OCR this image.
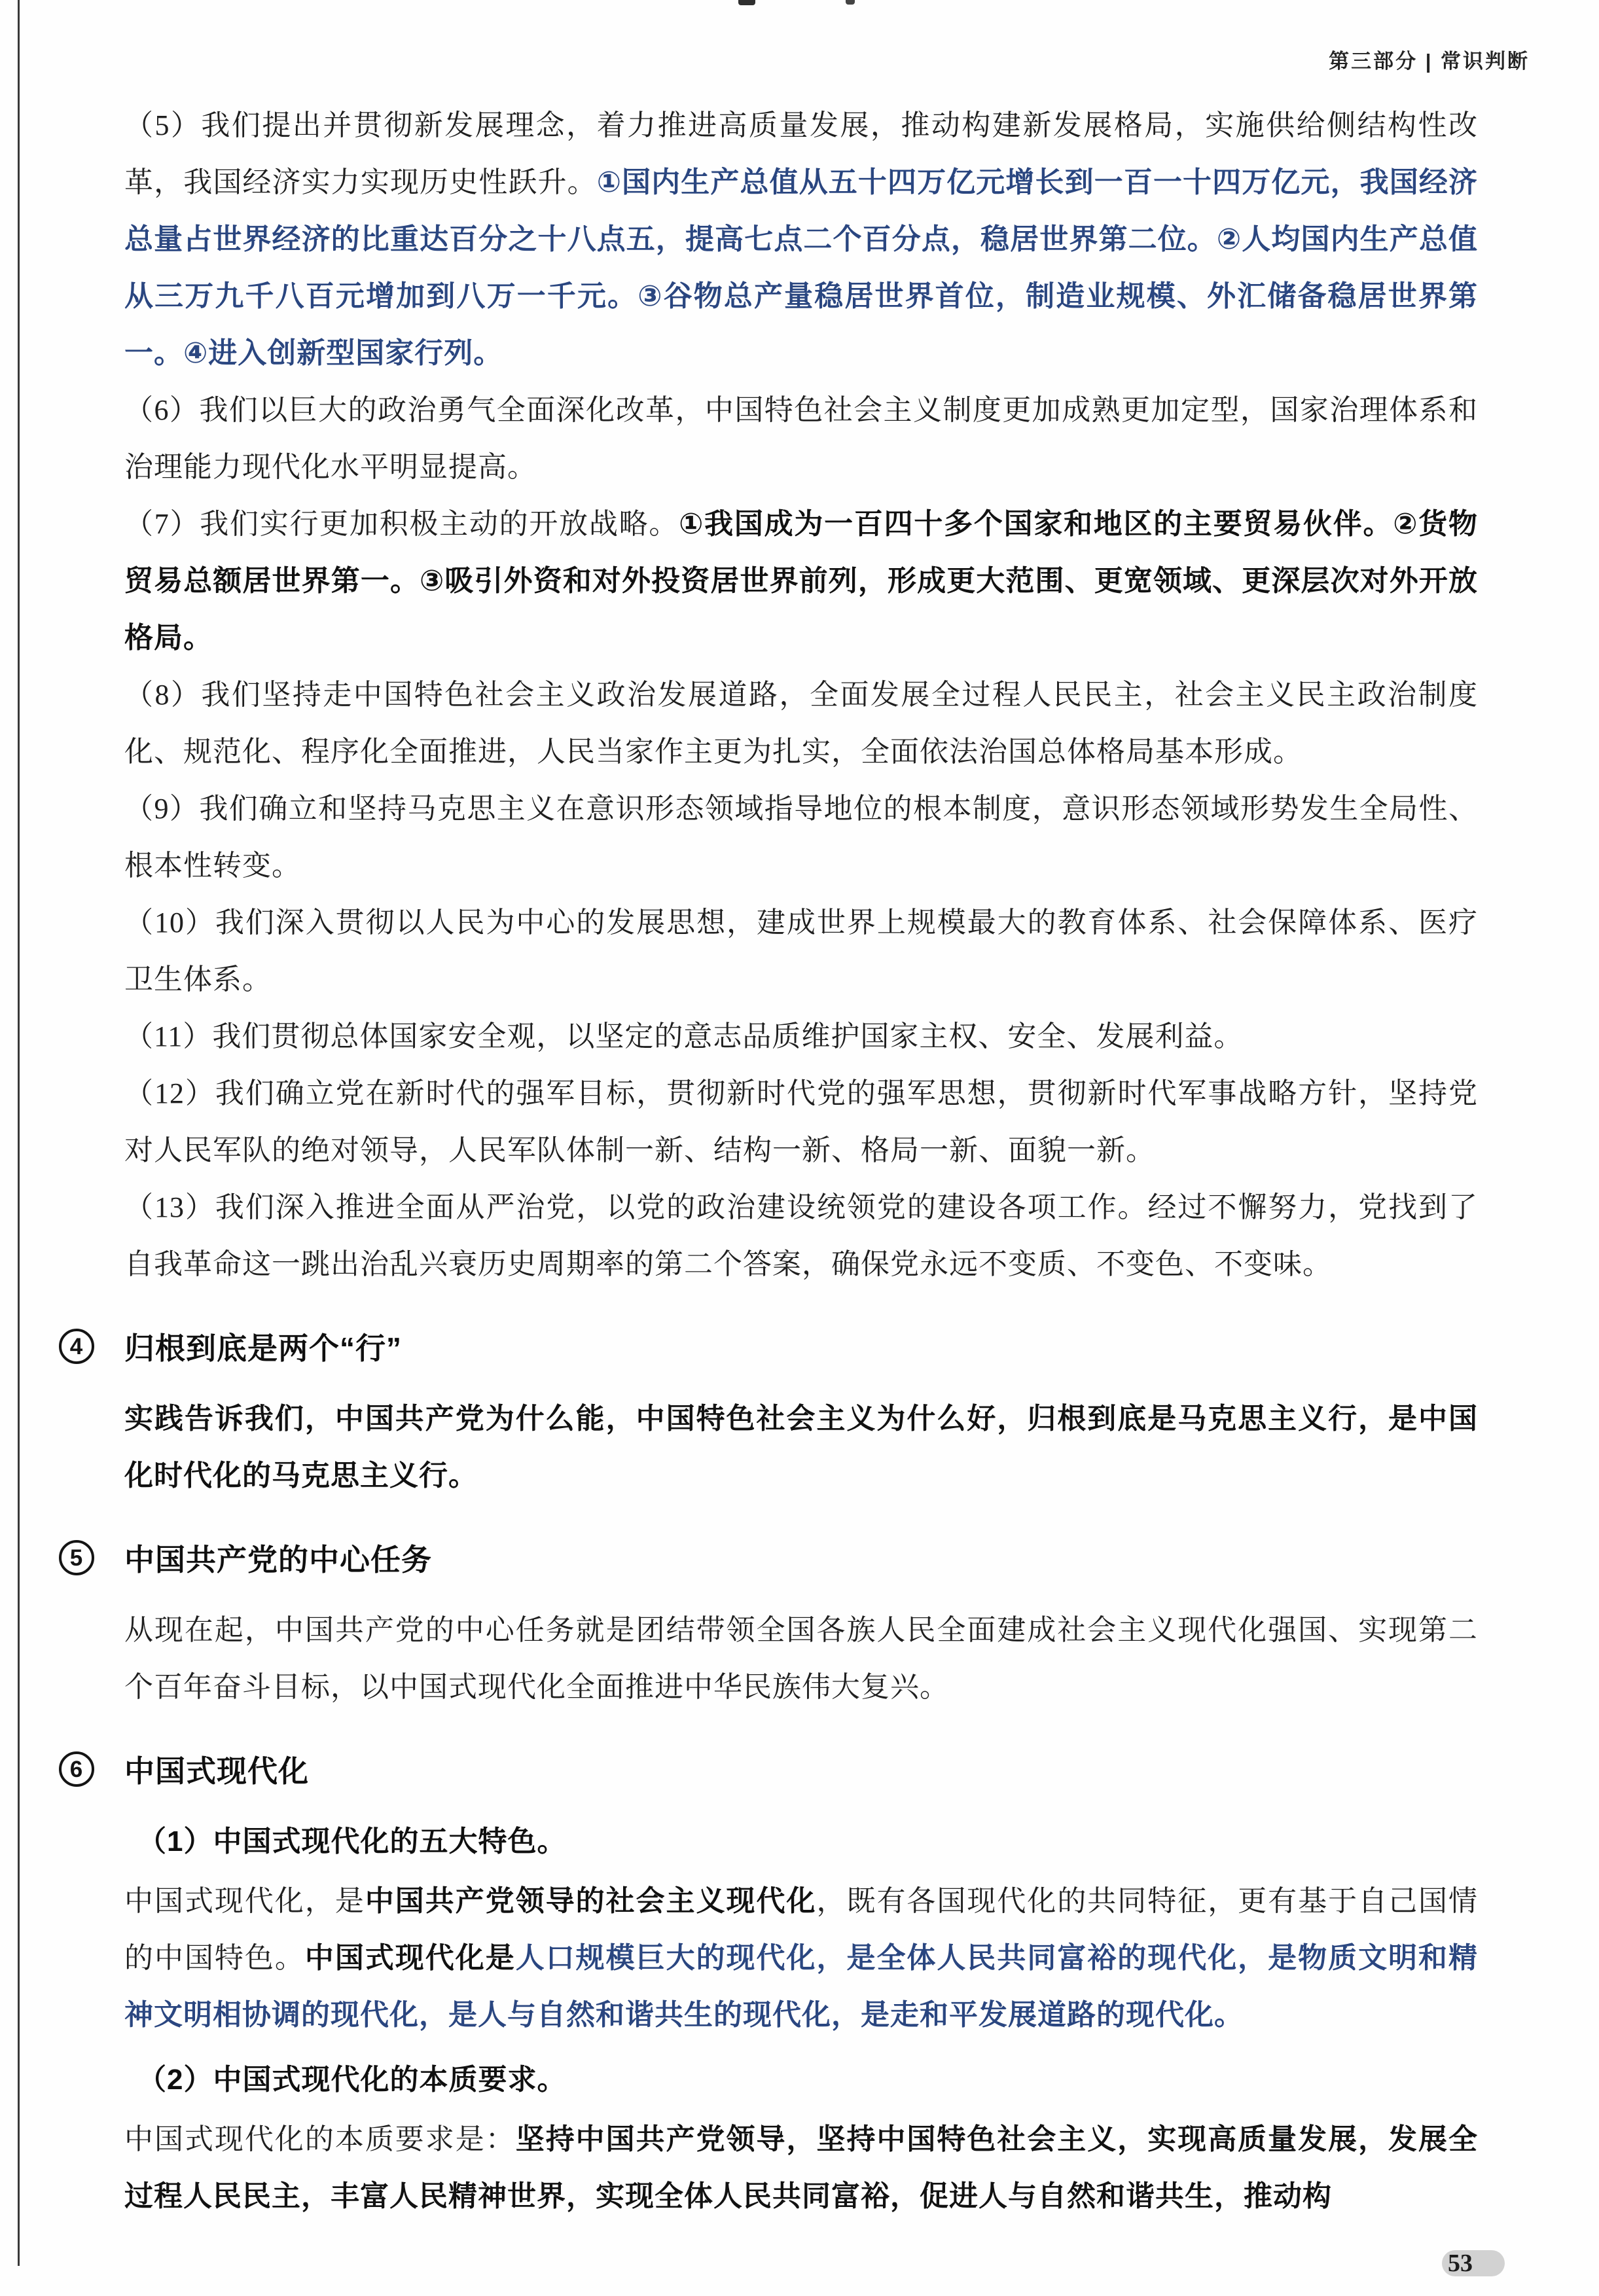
第三部分 | 常识判断

（5）我们提出并贯彻新发展理念，着力推进高质量发展，推动构建新发展格局，实施供给侧结构性改革，我国经济实力实现历史性跃升。①国内生产总值从五十四万亿元增长到一百一十四万亿元，我国经济总量占世界经济的比重达百分之十八点五，提高七点二个百分点，稳居世界第二位。②人均国内生产总值从三万九千八百元增加到八万一千元。③谷物总产量稳居世界首位，制造业规模、外汇储备稳居世界第一。④进入创新型国家行列。

（6）我们以巨大的政治勇气全面深化改革，中国特色社会主义制度更加成熟更加定型，国家治理体系和治理能力现代化水平明显提高。

（7）我们实行更加积极主动的开放战略。①我国成为一百四十多个国家和地区的主要贸易伙伴。②货物贸易总额居世界第一。③吸引外资和对外投资居世界前列，形成更大范围、更宽领域、更深层次对外开放格局。

（8）我们坚持走中国特色社会主义政治发展道路，全面发展全过程人民民主，社会主义民主政治制度化、规范化、程序化全面推进，人民当家作主更为扎实，全面依法治国总体格局基本形成。

（9）我们确立和坚持马克思主义在意识形态领域指导地位的根本制度，意识形态领域形势发生全局性、根本性转变。

（10）我们深入贯彻以人民为中心的发展思想，建成世界上规模最大的教育体系、社会保障体系、医疗卫生体系。

（11）我们贯彻总体国家安全观，以坚定的意志品质维护国家主权、安全、发展利益。

（12）我们确立党在新时代的强军目标，贯彻新时代党的强军思想，贯彻新时代军事战略方针，坚持党对人民军队的绝对领导，人民军队体制一新、结构一新、格局一新、面貌一新。

（13）我们深入推进全面从严治党，以党的政治建设统领党的建设各项工作。经过不懈努力，党找到了自我革命这一跳出治乱兴衰历史周期率的第二个答案，确保党永远不变质、不变色、不变味。

4	归根到底是两个“行”

实践告诉我们，中国共产党为什么能，中国特色社会主义为什么好，归根到底是马克思主义行，是中国化时代化的马克思主义行。

5	中国共产党的中心任务

从现在起，中国共产党的中心任务就是团结带领全国各族人民全面建成社会主义现代化强国、实现第二个百年奋斗目标，以中国式现代化全面推进中华民族伟大复兴。

6	中国式现代化
（1）中国式现代化的五大特色。

中国式现代化，是中国共产党领导的社会主义现代化，既有各国现代化的共同特征，更有基于自己国情的中国特色。中国式现代化是人口规模巨大的现代化，是全体人民共同富裕的现代化，是物质文明和精神文明相协调的现代化，是人与自然和谐共生的现代化，是走和平发展道路的现代化。

（2）中国式现代化的本质要求。

中国式现代化的本质要求是：坚持中国共产党领导，坚持中国特色社会主义，实现高质量发展，发展全过程人民民主，丰富人民精神世界，实现全体人民共同富裕，促进人与自然和谐共生，推动构

53
